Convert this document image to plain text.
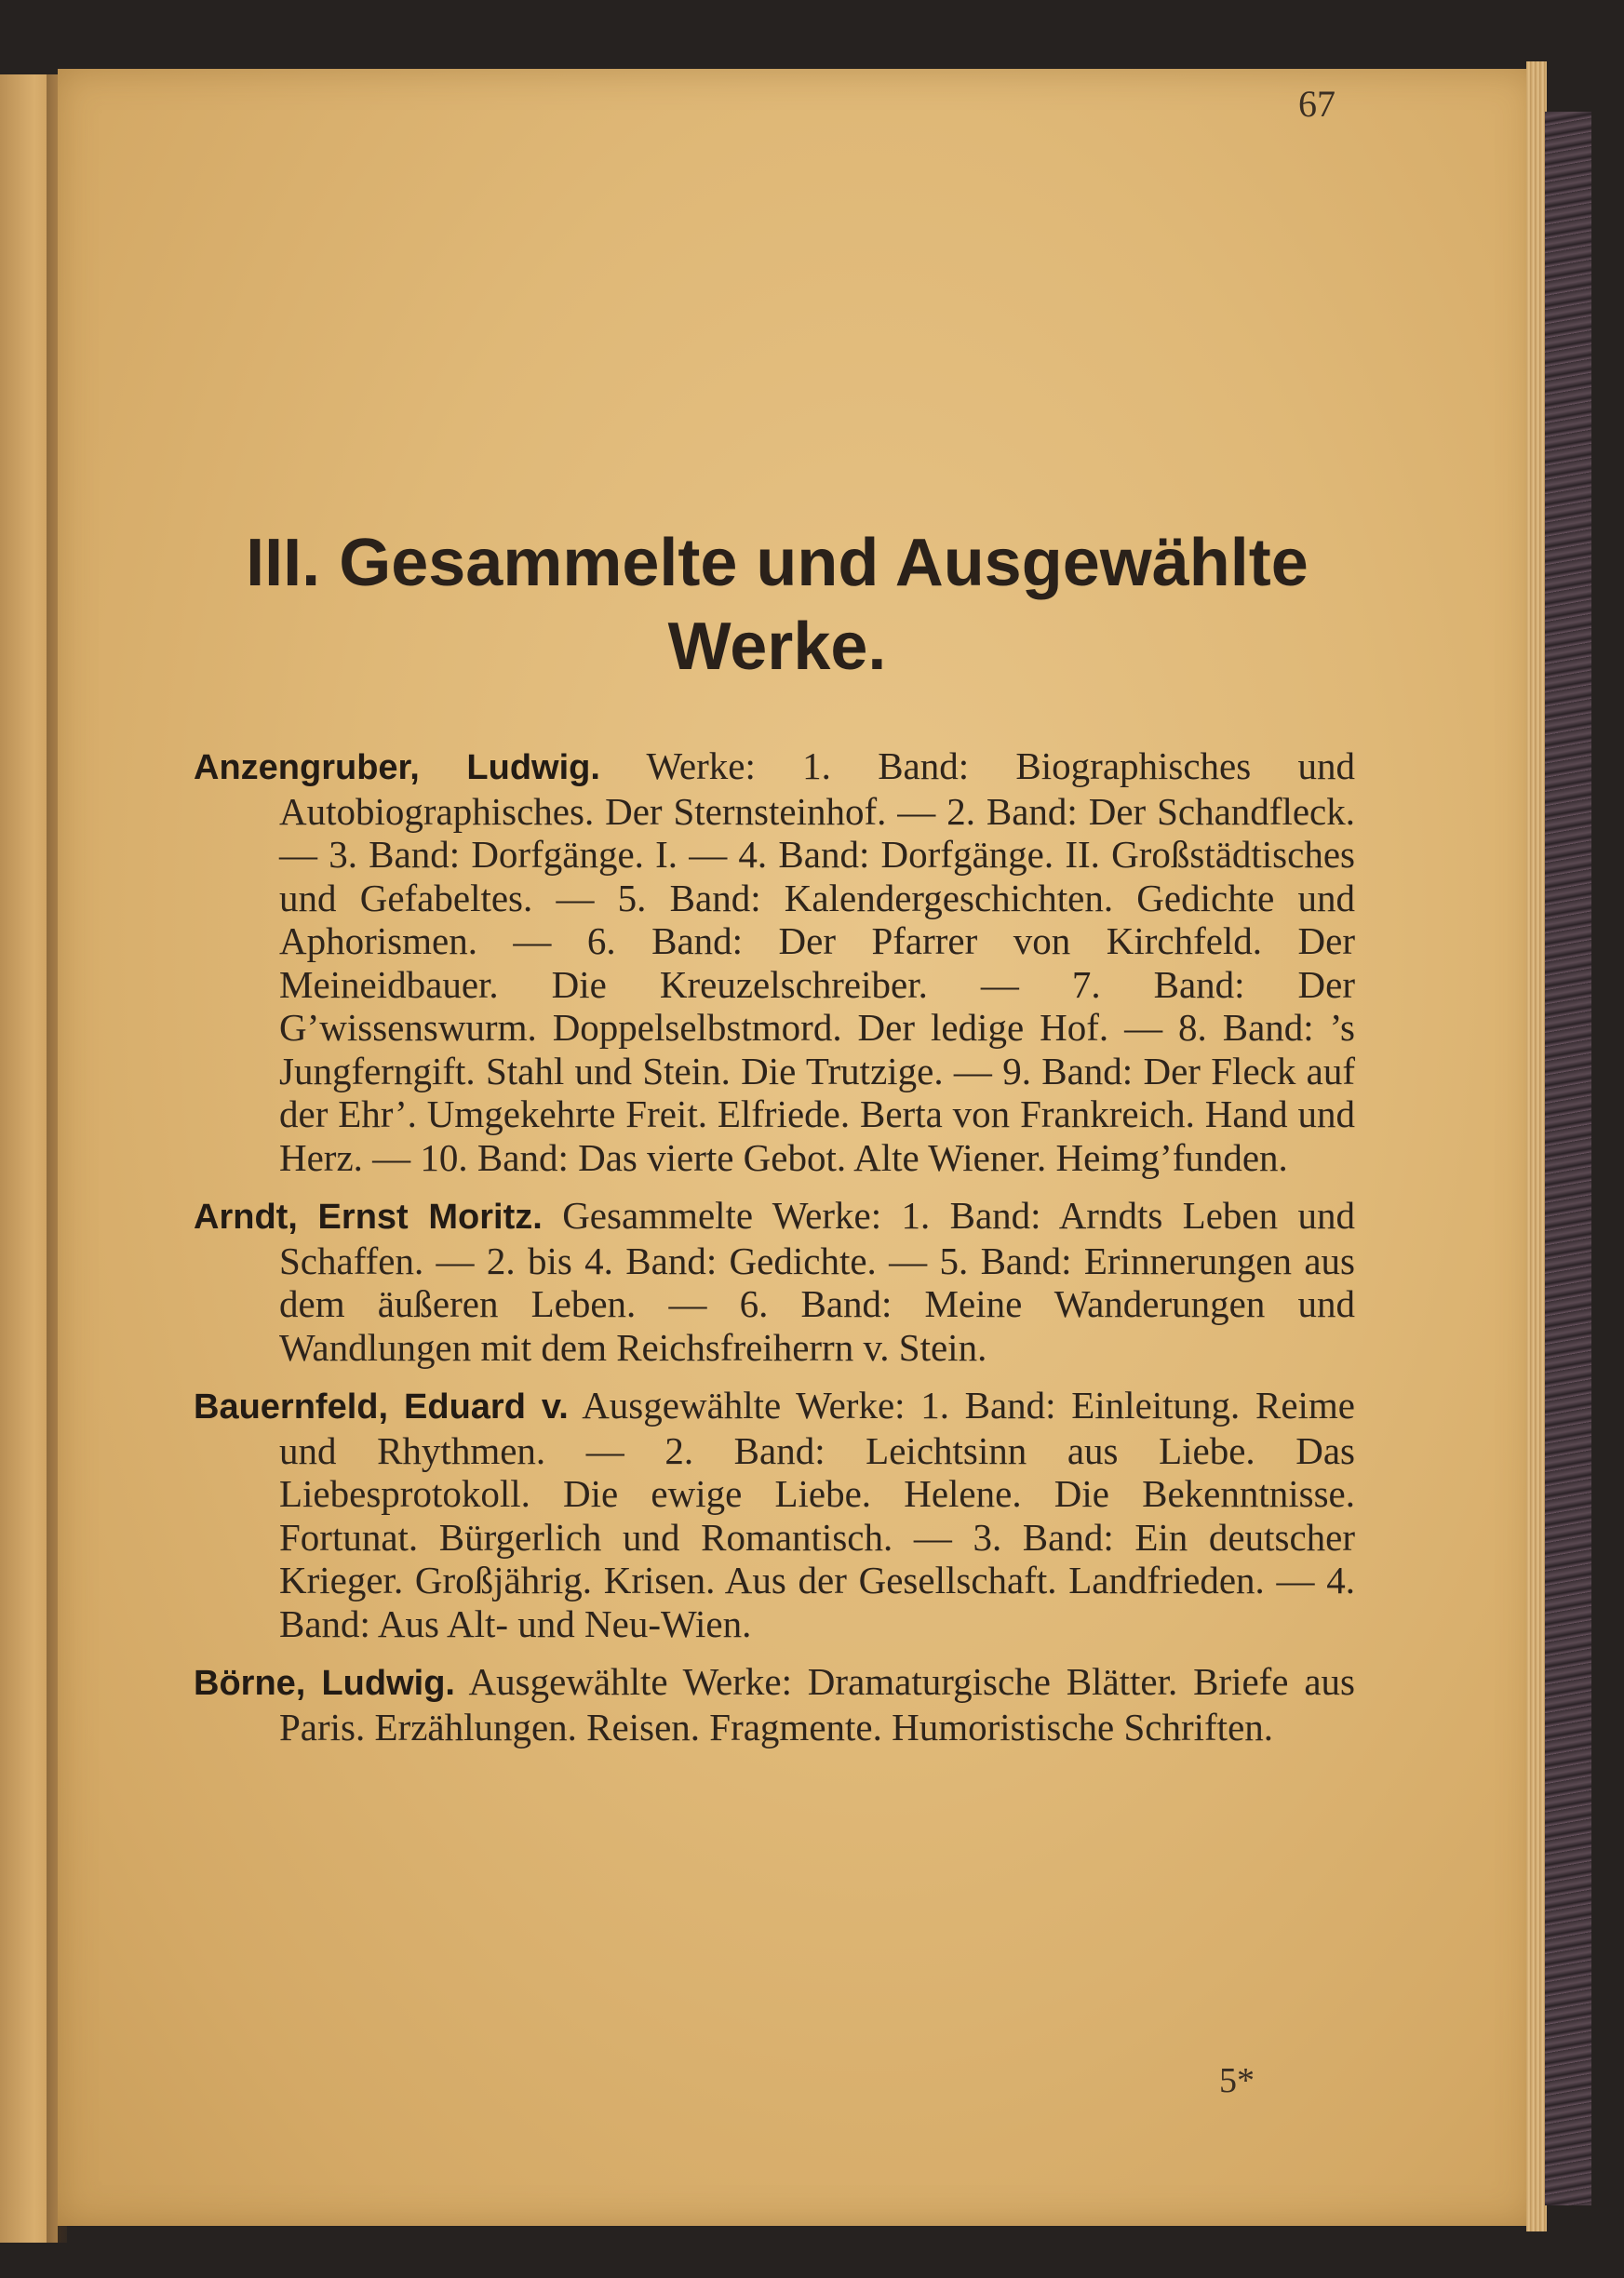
67
III. Gesammelte und Ausgewählte Werke.

Anzengruber, Ludwig. Werke: 1. Band: Biographisches und Autobiographisches. Der Sternsteinhof. — 2. Band: Der Schandfleck. — 3. Band: Dorfgänge. I. — 4. Band: Dorfgänge. II. Großstädtisches und Gefabeltes. — 5. Band: Kalendergeschichten. Gedichte und Aphorismen. — 6. Band: Der Pfarrer von Kirchfeld. Der Meineidbauer. Die Kreuzelschreiber. — 7. Band: Der G’wissenswurm. Doppelselbstmord. Der ledige Hof. — 8. Band: ’s Jungferngift. Stahl und Stein. Die Trutzige. — 9. Band: Der Fleck auf der Ehr’. Umgekehrte Freit. Elfriede. Berta von Frankreich. Hand und Herz. — 10. Band: Das vierte Gebot. Alte Wiener. Heimg’funden.

Arndt, Ernst Moritz. Gesammelte Werke: 1. Band: Arndts Leben und Schaffen. — 2. bis 4. Band: Gedichte. — 5. Band: Erinnerungen aus dem äußeren Leben. — 6. Band: Meine Wanderungen und Wandlungen mit dem Reichsfreiherrn v. Stein.

Bauernfeld, Eduard v. Ausgewählte Werke: 1. Band: Einleitung. Reime und Rhythmen. — 2. Band: Leichtsinn aus Liebe. Das Liebesprotokoll. Die ewige Liebe. Helene. Die Bekenntnisse. Fortunat. Bürgerlich und Romantisch. — 3. Band: Ein deutscher Krieger. Großjährig. Krisen. Aus der Gesellschaft. Landfrieden. — 4. Band: Aus Alt- und Neu-Wien.

Börne, Ludwig. Ausgewählte Werke: Dramaturgische Blätter. Briefe aus Paris. Erzählungen. Reisen. Fragmente. Humoristische Schriften.

5*
